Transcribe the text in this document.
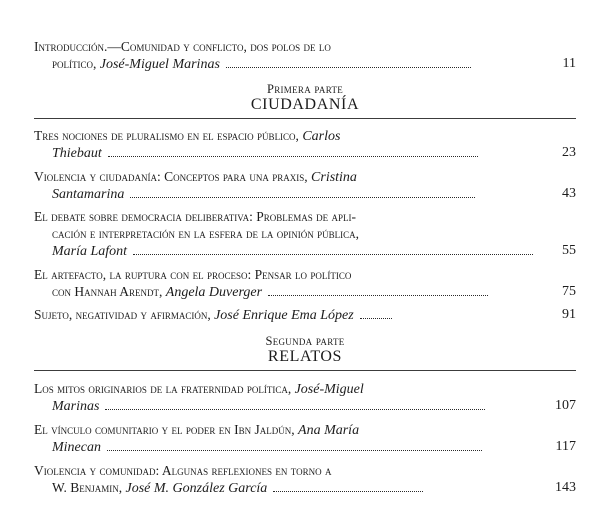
Introducción.—Comunidad y conflicto, dos polos de lo
político, José-Miguel Marinas	11
Primera parte
CIUDADANÍA
Tres nociones de pluralismo en el espacio público, Carlos
Thiebaut	23
Violencia y ciudadanía: Conceptos para una praxis, Cristina
Santamarina	43
El debate sobre democracia deliberativa: Problemas de apli-
cación e interpretación en la esfera de la opinión pública,
María Lafont	55
El artefacto, la ruptura con el proceso: Pensar lo político
con Hannah Arendt, Angela Duverger	75
Sujeto, negatividad y afirmación, José Enrique Ema López	91
Segunda parte
RELATOS
Los mitos originarios de la fraternidad política, José-Miguel
Marinas	107
El vínculo comunitario y el poder en Ibn Jaldún, Ana María
Minecan	117
Violencia y comunidad: Algunas reflexiones en torno a
W. Benjamin, José M. González García	143
